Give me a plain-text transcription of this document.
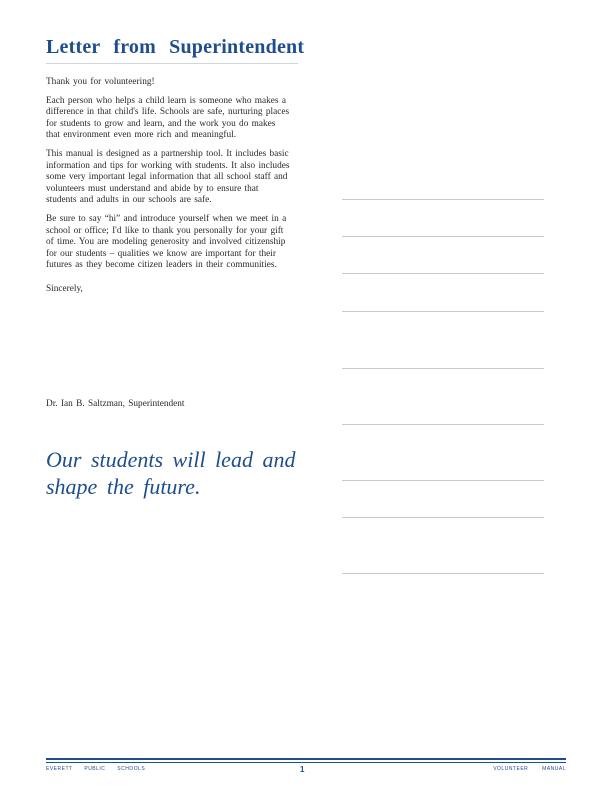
Letter from Superintendent

Thank you for volunteering!

Each person who helps a child learn is someone who makes a difference in that child's life. Schools are safe, nurturing places for students to grow and learn, and the work you do makes that environment even more rich and meaningful.

This manual is designed as a partnership tool. It includes basic information and tips for working with students. It also includes some very important legal information that all school staff and volunteers must understand and abide by to ensure that students and adults in our schools are safe.

Be sure to say “hi” and introduce yourself when we meet in a school or office; I'd like to thank you personally for your gift of time. You are modeling generosity and involved citizenship for our students – qualities we know are important for their futures as they become citizen leaders in their communities.

Sincerely,

Dr. Ian B. Saltzman, Superintendent
Our students will lead and shape the future.
EVERETT PUBLIC SCHOOLS	1	VOLUNTEER MANUAL
